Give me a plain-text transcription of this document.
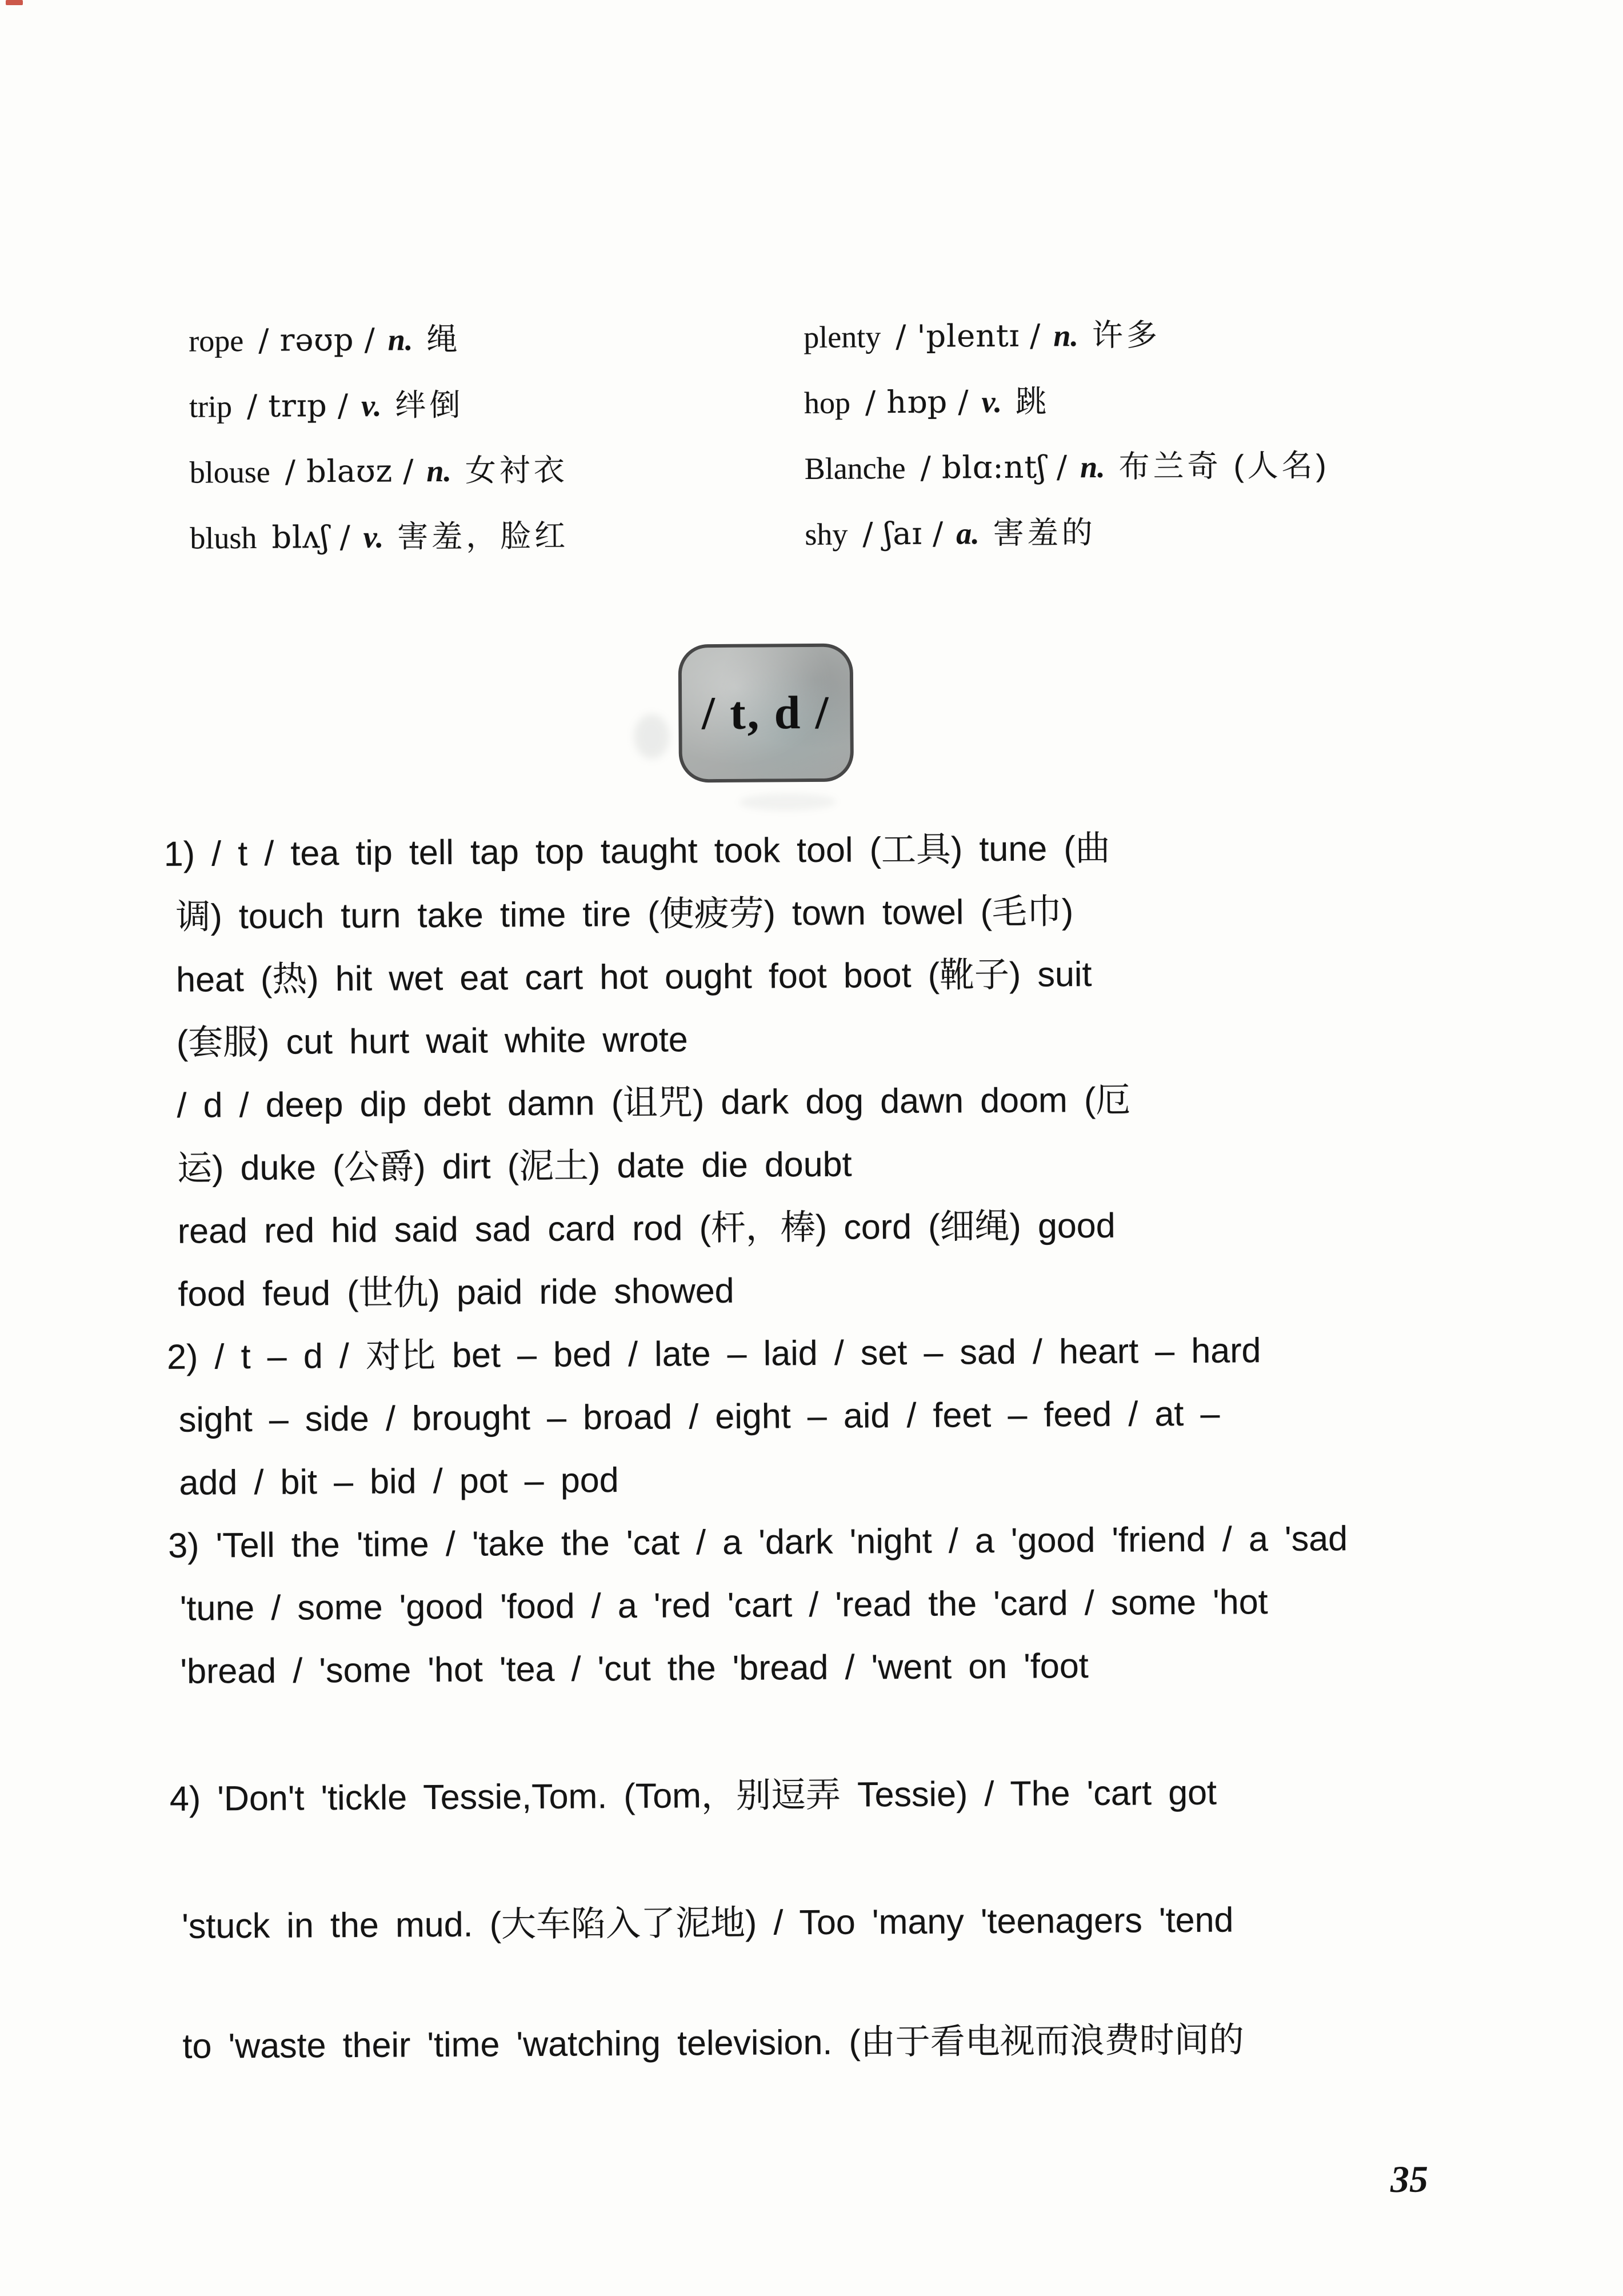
rope / rəʊp / n. 绳
trip / trɪp / v. 绊倒
blouse / blaʊz / n. 女衬衣
blush blʌʃ / v. 害羞，脸红
plenty / 'plentɪ / n. 许多
hop / hɒp / v. 跳
Blanche / blɑ:ntʃ / n. 布兰奇 (人名)
shy / ʃaɪ / a. 害羞的
/ t, d /
1) / t / tea tip tell tap top taught took tool (工具) tune (曲
调) touch turn take time tire (使疲劳) town towel (毛巾)
heat (热) hit wet eat cart hot ought foot boot (靴子) suit
(套服) cut hurt wait white wrote
/ d / deep dip debt damn (诅咒) dark dog dawn doom (厄
运) duke (公爵) dirt (泥土) date die doubt
read red hid said sad card rod (杆，棒) cord (细绳) good
food feud (世仇) paid ride showed
2) / t – d / 对比 bet – bed / late – laid / set – sad / heart – hard
sight – side / brought – broad / eight – aid / feet – feed / at –
add / bit – bid / pot – pod
3) 'Tell the 'time / 'take the 'cat / a 'dark 'night / a 'good 'friend / a 'sad
'tune / some 'good 'food / a 'red 'cart / 'read the 'card / some 'hot
'bread / 'some 'hot 'tea / 'cut the 'bread / 'went on 'foot
4) 'Don't 'tickle Tessie,Tom. (Tom，别逗弄 Tessie) / The 'cart got
'stuck in the mud. (大车陷入了泥地) / Too 'many 'teenagers 'tend
to 'waste their 'time 'watching television. (由于看电视而浪费时间的
35
